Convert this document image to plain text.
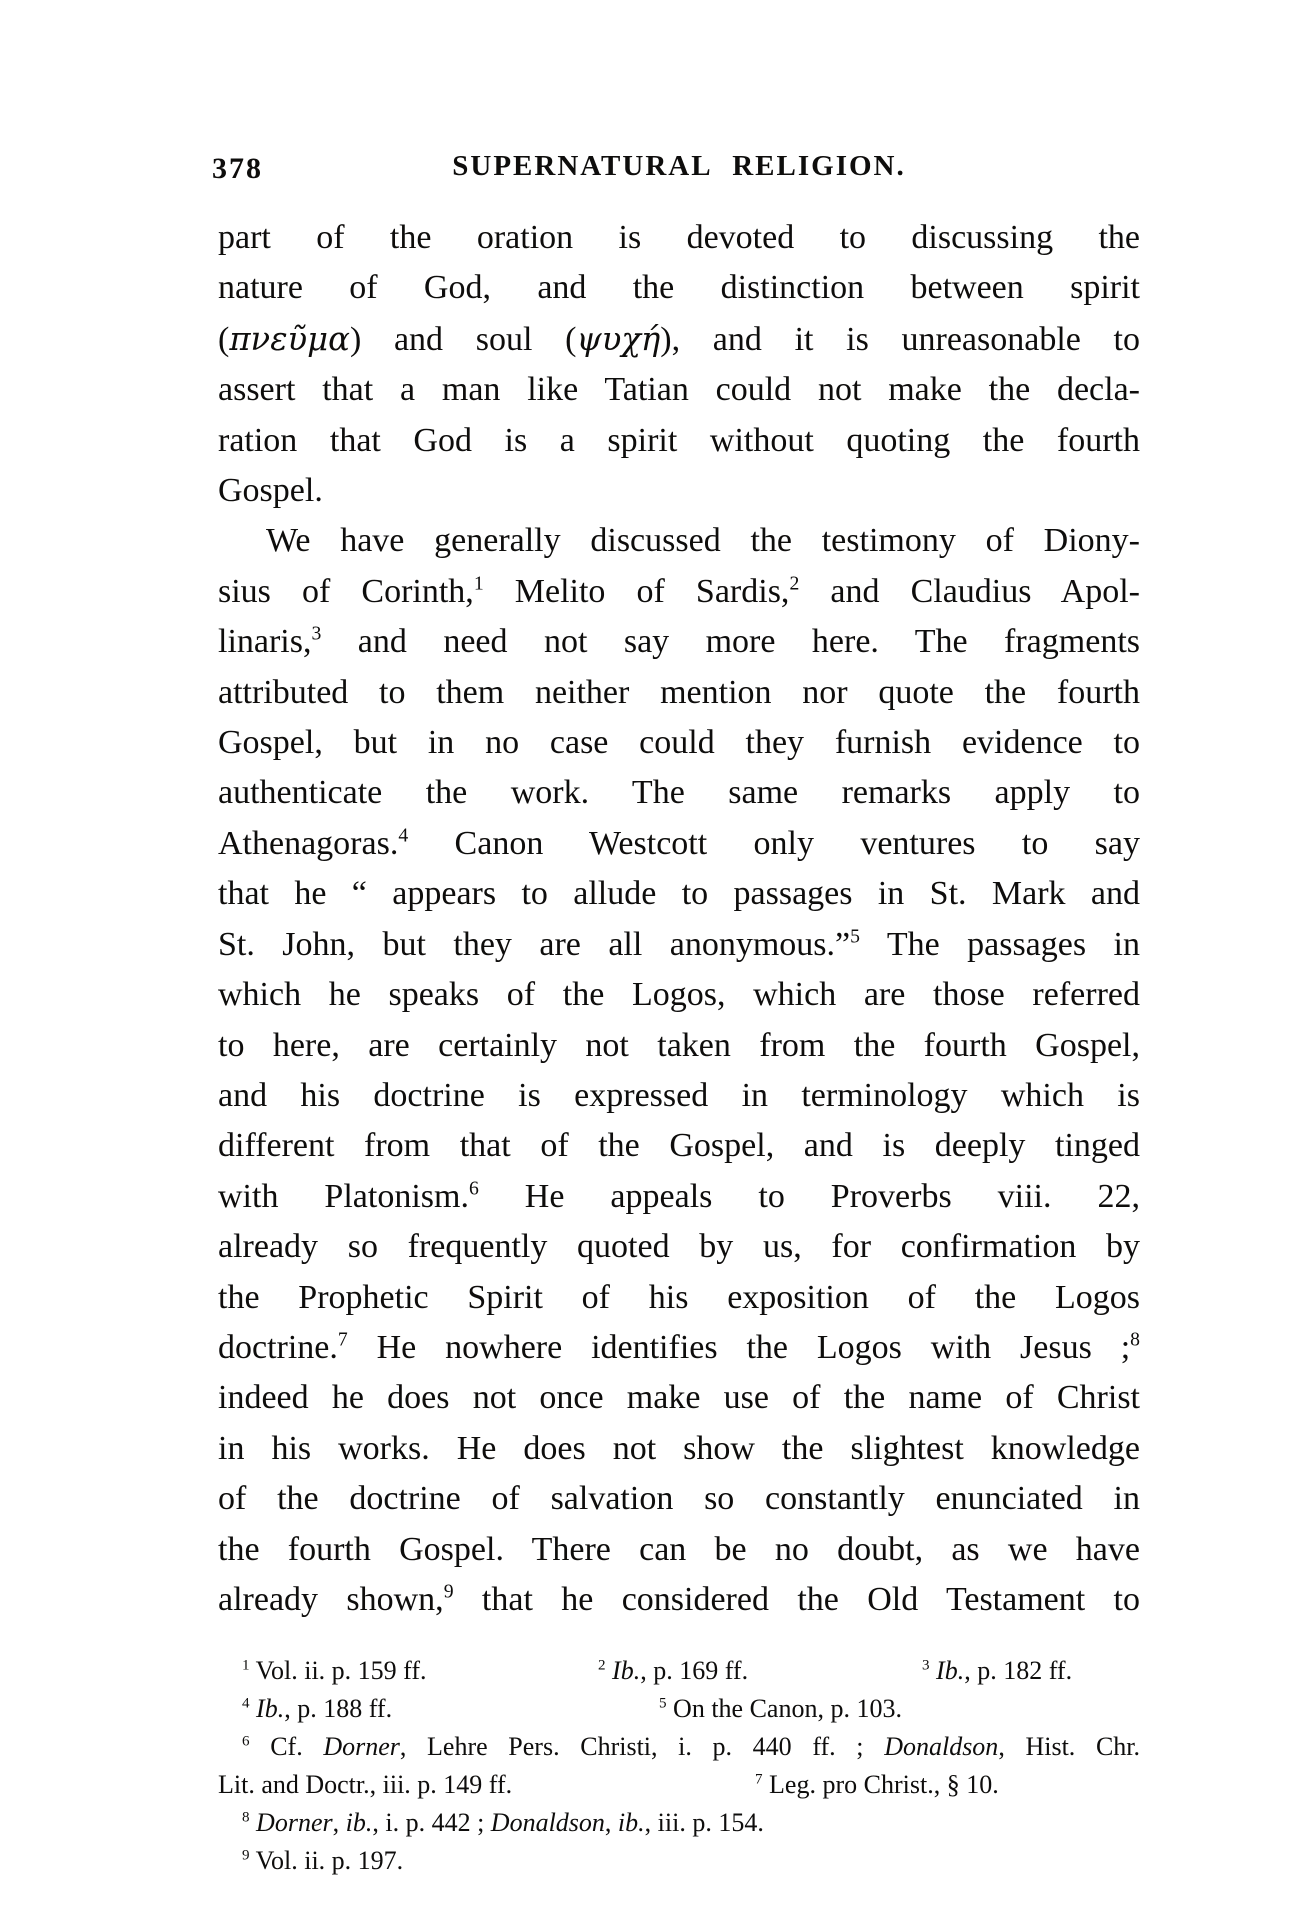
378	SUPERNATURAL RELIGION.

part of the oration is devoted to discussing the

nature of God, and the distinction between spirit

(πνεῦμα) and soul (ψυχή), and it is unreasonable to

assert that a man like Tatian could not make the decla-

ration that God is a spirit without quoting the fourth

Gospel.

We have generally discussed the testimony of Diony-

sius of Corinth,$^1$ Melito of Sardis,$^2$ and Claudius Apol-

linaris,$^3$ and need not say more here. The fragments

attributed to them neither mention nor quote the fourth

Gospel, but in no case could they furnish evidence to

authenticate the work. The same remarks apply to

Athenagoras.$^4$ Canon Westcott only ventures to say

that he “ appears to allude to passages in St. Mark and

St. John, but they are all anonymous.”$^5$ The passages in

which he speaks of the Logos, which are those referred

to here, are certainly not taken from the fourth Gospel,

and his doctrine is expressed in terminology which is

different from that of the Gospel, and is deeply tinged

with Platonism.$^6$ He appeals to Proverbs viii. 22,

already so frequently quoted by us, for confirmation by

the Prophetic Spirit of his exposition of the Logos

doctrine.$^7$ He nowhere identifies the Logos with Jesus ;$^8$

indeed he does not once make use of the name of Christ

in his works. He does not show the slightest knowledge

of the doctrine of salvation so constantly enunciated in

the fourth Gospel. There can be no doubt, as we have

already shown,$^9$ that he considered the Old Testament to

$^1$ Vol. ii. p. 159 ff.	$^2$ Ib., p. 169 ff.	$^3$ Ib., p. 182 ff.
$^4$ Ib., p. 188 ff.	$^5$ On the Canon, p. 103.
$^6$ Cf. Dorner, Lehre Pers. Christi, i. p. 440 ff. ; Donaldson, Hist. Chr.
Lit. and Doctr., iii. p. 149 ff.	$^7$ Leg. pro Christ., § 10.
$^8$ Dorner, ib., i. p. 442 ; Donaldson, ib., iii. p. 154.
$^9$ Vol. ii. p. 197.
